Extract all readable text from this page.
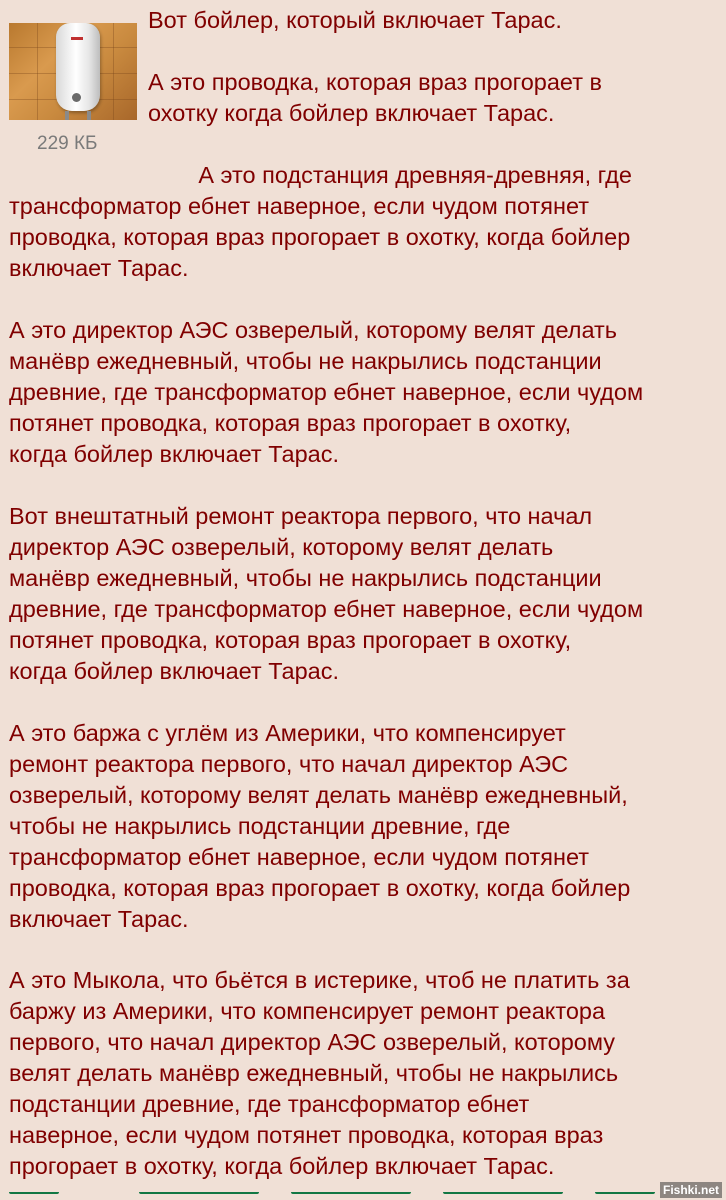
229 КБ

Вот бойлер, который включает Тарас.

А это проводка, которая враз прогорает в
охотку когда бойлер включает Тарас.

А это подстанция древняя-древняя, где
трансформатор ебнет наверное, если чудом потянет
проводка, которая враз прогорает в охотку, когда бойлер
включает Тарас.

А это директор АЭС озверелый, которому велят делать
манёвр ежедневный, чтобы не накрылись подстанции
древние, где трансформатор ебнет наверное, если чудом
потянет проводка, которая враз прогорает в охотку,
когда бойлер включает Тарас.

Вот внештатный ремонт реактора первого, что начал
директор АЭС озверелый, которому велят делать
манёвр ежедневный, чтобы не накрылись подстанции
древние, где трансформатор ебнет наверное, если чудом
потянет проводка, которая враз прогорает в охотку,
когда бойлер включает Тарас.

А это баржа с углём из Америки, что компенсирует
ремонт реактора первого, что начал директор АЭС
озверелый, которому велят делать манёвр ежедневный,
чтобы не накрылись подстанции древние, где
трансформатор ебнет наверное, если чудом потянет
проводка, которая враз прогорает в охотку, когда бойлер
включает Тарас.

А это Мыкола, что бьётся в истерике, чтоб не платить за
баржу из Америки, что компенсирует ремонт реактора
первого, что начал директор АЭС озверелый, которому
велят делать манёвр ежедневный, чтобы не накрылись
подстанции древние, где трансформатор ебнет
наверное, если чудом потянет проводка, которая враз
прогорает в охотку, когда бойлер включает Тарас.

Fishki.net
